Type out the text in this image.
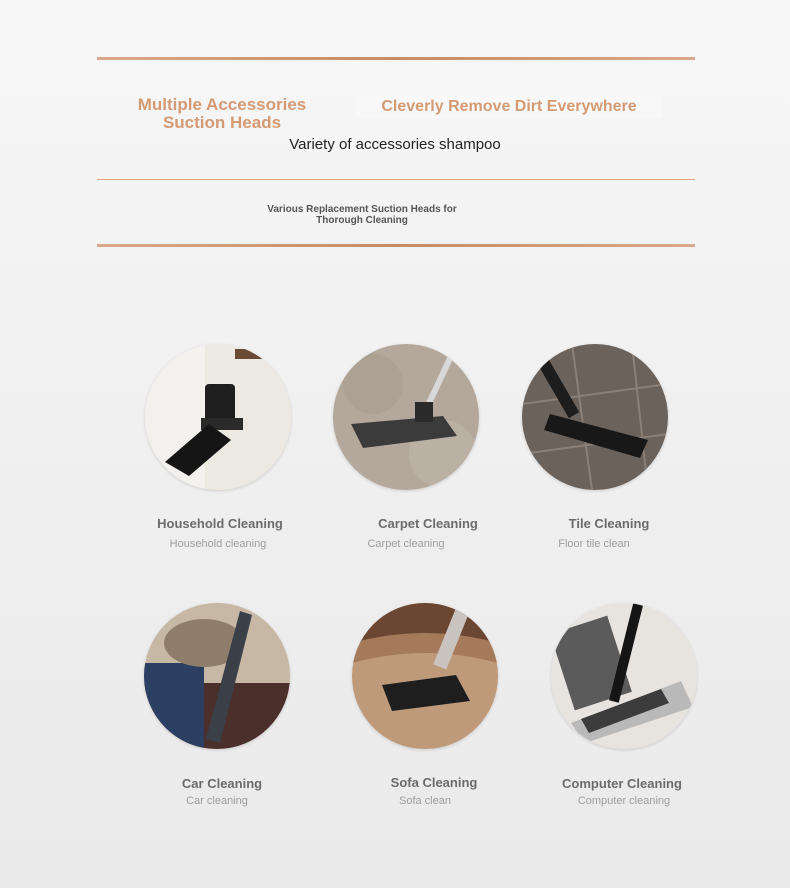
Multiple Accessories Suction Heads
Cleverly Remove Dirt Everywhere
Variety of accessories shampoo
Various Replacement Suction Heads for Thorough Cleaning
Household Cleaning
Household cleaning
Carpet Cleaning
Carpet cleaning
Tile Cleaning
Floor tile clean
Car Cleaning
Car cleaning
Sofa Cleaning
Sofa clean
Computer Cleaning
Computer cleaning
